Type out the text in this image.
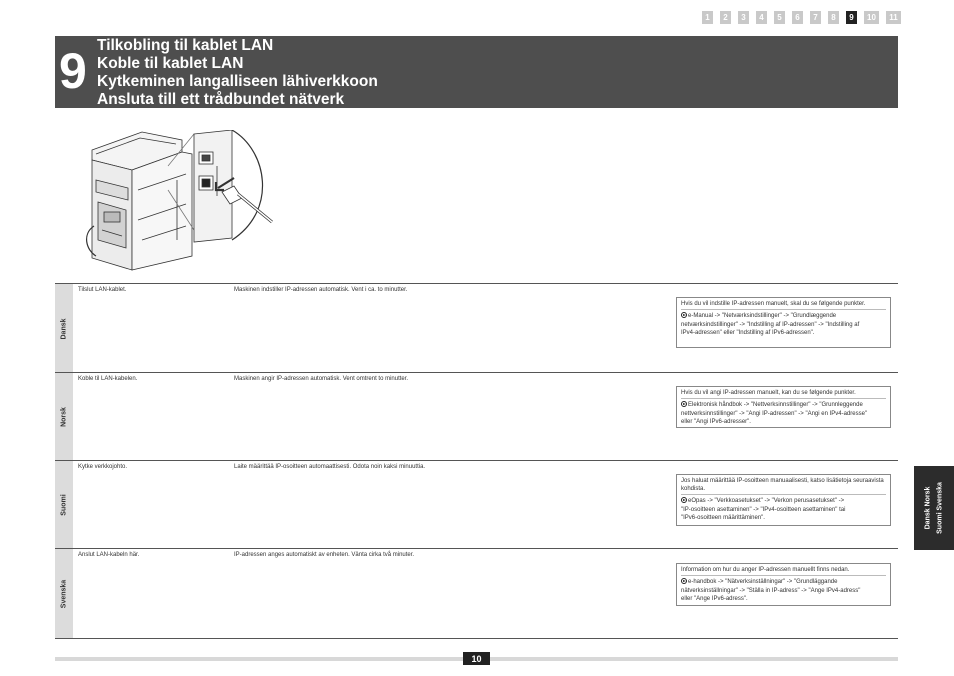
1	2	3	4	5	6	7	8	9	10	11
9 Tilkobling til kablet LAN
Koble til kablet LAN
Kytkeminen langalliseen lähiverkkoon
Ansluta till ett trådbundet nätverk
Dansk
Tilslut LAN-kablet.	Maskinen indstiller IP-adressen automatisk. Vent i ca. to minutter.
Hvis du vil indstille IP-adressen manuelt, skal du se følgende punkter.
e-Manual -> "Netværksindstillinger" -> "Grundlæggende
netværksindstillinger" -> "Indstilling af IP-adressen" -> "Indstilling af
IPv4-adressen" eller "Indstilling af IPv6-adressen".
Norsk
Koble til LAN-kabelen.	Maskinen angir IP-adressen automatisk. Vent omtrent to minutter.
Hvis du vil angi IP-adressen manuelt, kan du se følgende punkter.
Elektronisk håndbok -> "Nettverksinnstillinger" -> "Grunnleggende
nettverksinnstillinger" -> "Angi IP-adressen" -> "Angi en IPv4-adresse"
eller "Angi IPv6-adresser".
Suomi
Kytke verkkojohto.	Laite määrittää IP-osoitteen automaattisesti. Odota noin kaksi minuuttia.
Jos haluat määrittää IP-osoitteen manuaalisesti, katso lisätietoja seuraavista kohdista.
eOpas -> "Verkkoasetukset" -> "Verkon perusasetukset" ->
"IP-osoitteen asettaminen" -> "IPv4-osoitteen asettaminen" tai
"IPv6-osoitteen määrittäminen".
Svenska
Anslut LAN-kabeln här.	IP-adressen anges automatiskt av enheten. Vänta cirka två minuter.
Information om hur du anger IP-adressen manuellt finns nedan.
e-handbok -> "Nätverksinställningar" -> "Grundläggande
nätverksinställningar" -> "Ställa in IP-adress" -> "Ange IPv4-adress"
eller "Ange IPv6-adress".
Dansk Norsk Suomi Svenska
10
